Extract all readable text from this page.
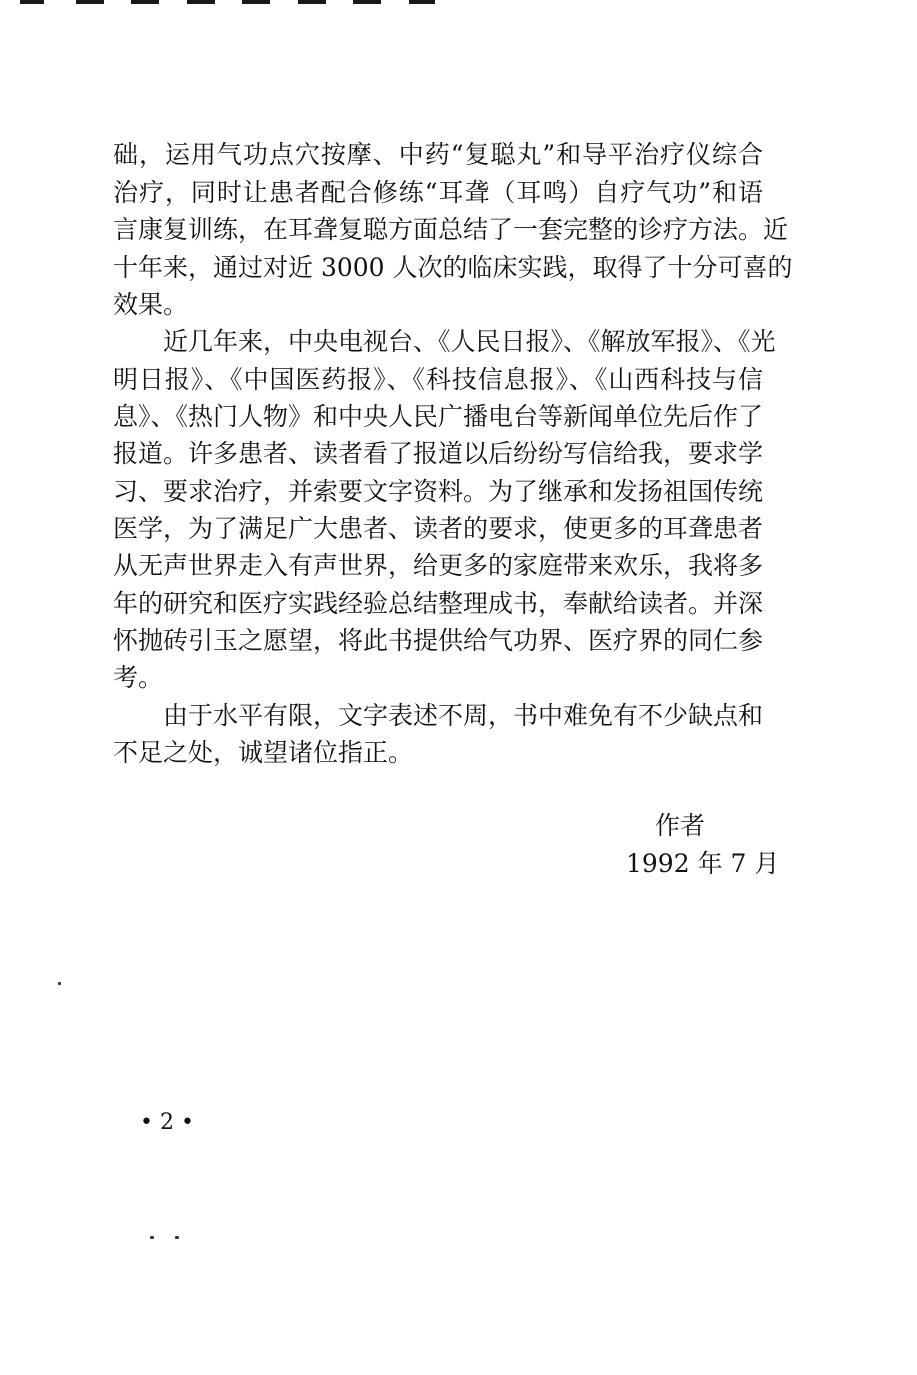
础，运用气功点穴按摩、中药“复聪丸”和导平治疗仪综合
治疗，同时让患者配合修练“耳聋（耳鸣）自疗气功”和语
言康复训练，在耳聋复聪方面总结了一套完整的诊疗方法。近
十年来，通过对近 3000 人次的临床实践，取得了十分可喜的
效果。
近几年来，中央电视台、《人民日报》、《解放军报》、《光
明日报》、《中国医药报》、《科技信息报》、《山西科技与信
息》、《热门人物》和中央人民广播电台等新闻单位先后作了
报道。许多患者、读者看了报道以后纷纷写信给我，要求学
习、要求治疗，并索要文字资料。为了继承和发扬祖国传统
医学，为了满足广大患者、读者的要求，使更多的耳聋患者
从无声世界走入有声世界，给更多的家庭带来欢乐，我将多
年的研究和医疗实践经验总结整理成书，奉献给读者。并深
怀抛砖引玉之愿望，将此书提供给气功界、医疗界的同仁参
考。
由于水平有限，文字表述不周，书中难免有不少缺点和
不足之处，诚望诸位指正。
作者
1992 年 7 月
• 2 •
